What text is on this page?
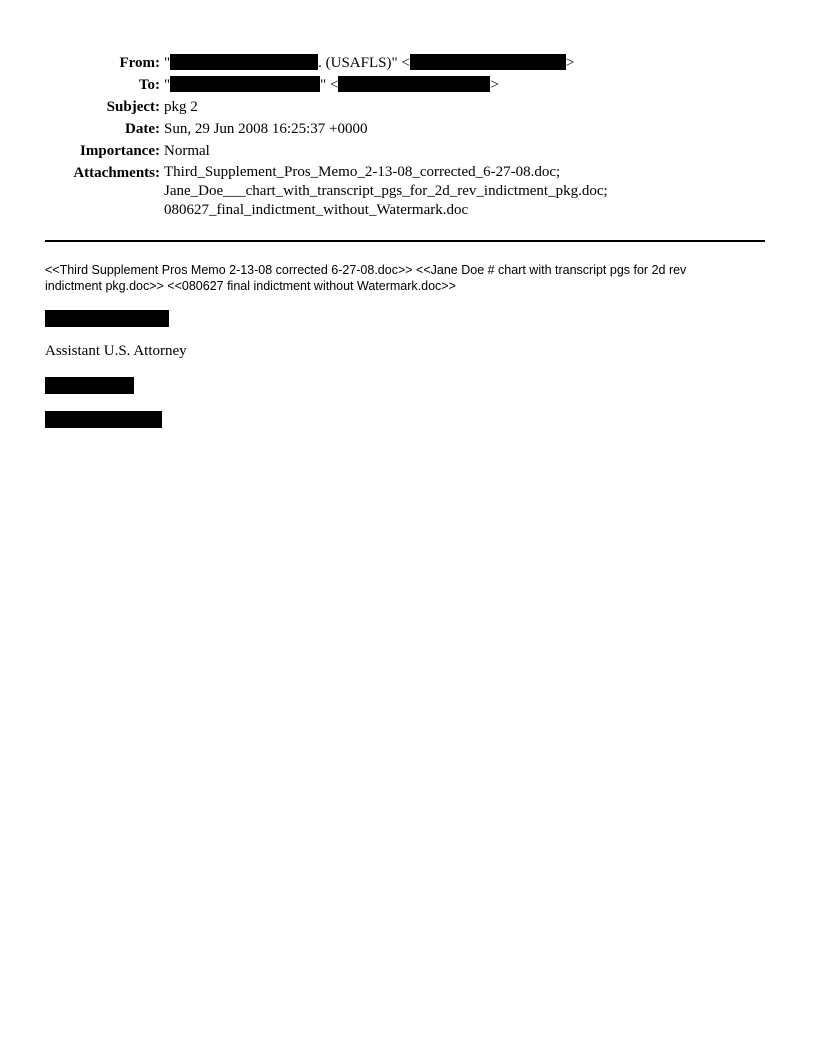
From: "	. (USAFLS)" <	>
To: "	" <	>
Subject: pkg 2
Date: Sun, 29 Jun 2008 16:25:37 +0000
Importance: Normal
Attachments: Third_Supplement_Pros_Memo_2-13-08_corrected_6-27-08.doc;
Jane_Doe___chart_with_transcript_pgs_for_2d_rev_indictment_pkg.doc;
080627_final_indictment_without_Watermark.doc
<<Third Supplement Pros Memo 2-13-08 corrected 6-27-08.doc>> <<Jane Doe # chart with transcript pgs for 2d rev indictment pkg.doc>> <<080627 final indictment without Watermark.doc>>
Assistant U.S. Attorney
